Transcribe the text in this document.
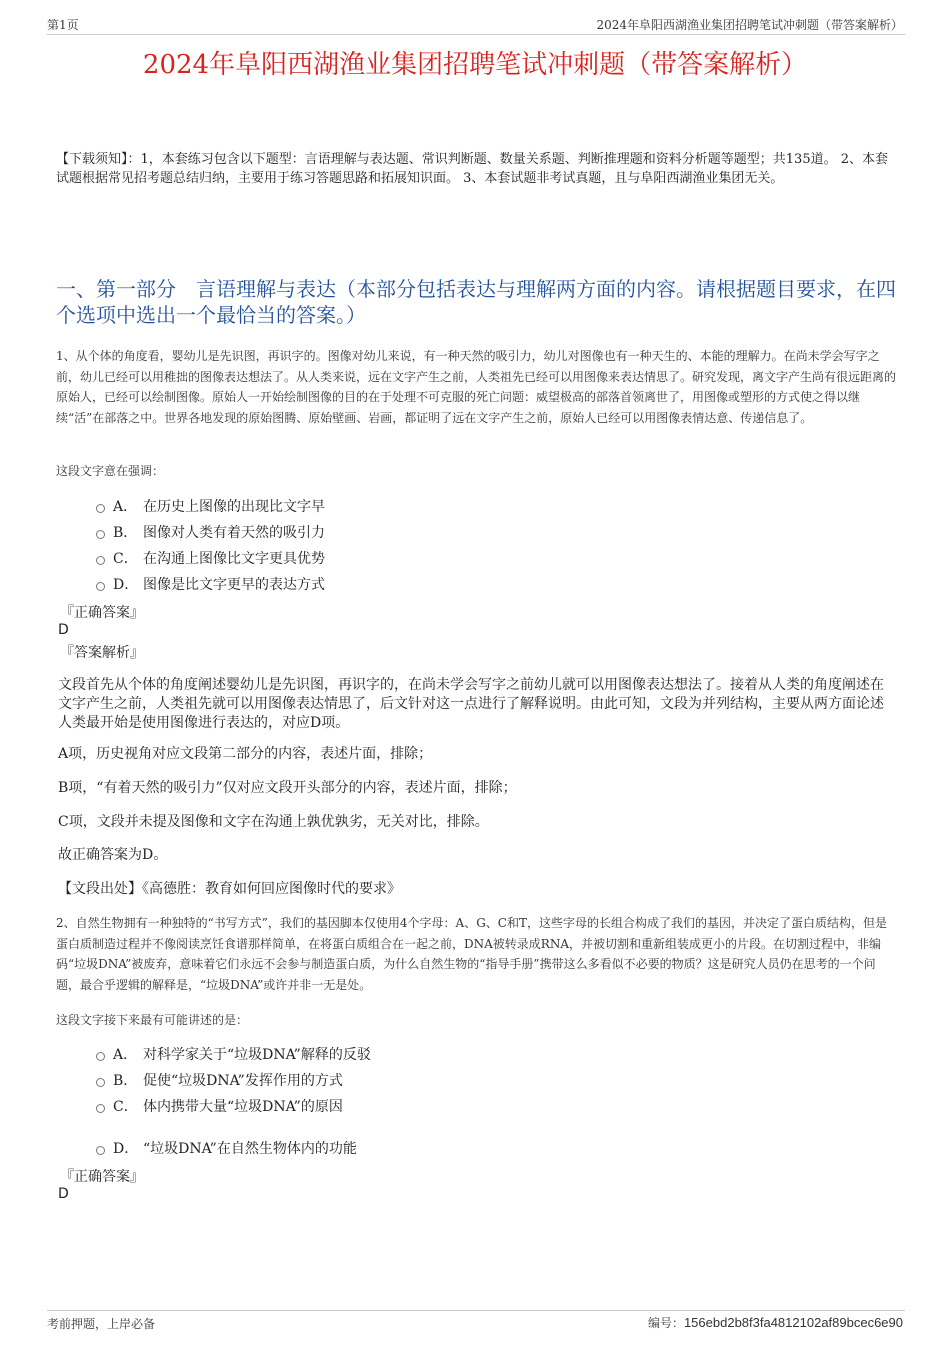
第1页	2024年阜阳西湖渔业集团招聘笔试冲刺题（带答案解析）
2024年阜阳西湖渔业集团招聘笔试冲刺题（带答案解析）
【下载须知】：1，本套练习包含以下题型：言语理解与表达题、常识判断题、数量关系题、判断推理题和资料分析题等题型；共135道。 2、本套试题根据常见招考题总结归纳，主要用于练习答题思路和拓展知识面。 3、本套试题非考试真题，且与阜阳西湖渔业集团无关。
一、第一部分　言语理解与表达（本部分包括表达与理解两方面的内容。请根据题目要求，在四个选项中选出一个最恰当的答案。）
1、从个体的角度看，婴幼儿是先识图，再识字的。图像对幼儿来说，有一种天然的吸引力，幼儿对图像也有一种天生的、本能的理解力。在尚未学会写字之前，幼儿已经可以用稚拙的图像表达想法了。从人类来说，远在文字产生之前，人类祖先已经可以用图像来表达情思了。研究发现，离文字产生尚有很远距离的原始人，已经可以绘制图像。原始人一开始绘制图像的目的在于处理不可克服的死亡问题：威望极高的部落首领离世了，用图像或塑形的方式使之得以继续“活”在部落之中。世界各地发现的原始图腾、原始壁画、岩画，都证明了远在文字产生之前，原始人已经可以用图像表情达意、传递信息了。
这段文字意在强调：
A． 在历史上图像的出现比文字早
B． 图像对人类有着天然的吸引力
C． 在沟通上图像比文字更具优势
D． 图像是比文字更早的表达方式
『正确答案』
D
『答案解析』
文段首先从个体的角度阐述婴幼儿是先识图，再识字的，在尚未学会写字之前幼儿就可以用图像表达想法了。接着从人类的角度阐述在文字产生之前，人类祖先就可以用图像表达情思了，后文针对这一点进行了解释说明。由此可知，文段为并列结构，主要从两方面论述人类最开始是使用图像进行表达的，对应D项。
A项，历史视角对应文段第二部分的内容，表述片面，排除；
B项，“有着天然的吸引力”仅对应文段开头部分的内容，表述片面，排除；
C项，文段并未提及图像和文字在沟通上孰优孰劣，无关对比，排除。
故正确答案为D。
【文段出处】《高德胜：教育如何回应图像时代的要求》
2、自然生物拥有一种独特的“书写方式”，我们的基因脚本仅使用4个字母：A、G、C和T，这些字母的长组合构成了我们的基因，并决定了蛋白质结构，但是蛋白质制造过程并不像阅读烹饪食谱那样简单，在将蛋白质组合在一起之前，DNA被转录成RNA，并被切割和重新组装成更小的片段。在切割过程中，非编码“垃圾DNA”被废弃，意味着它们永远不会参与制造蛋白质，为什么自然生物的“指导手册”携带这么多看似不必要的物质？这是研究人员仍在思考的一个问题，最合乎逻辑的解释是，“垃圾DNA”或许并非一无是处。
这段文字接下来最有可能讲述的是：
A． 对科学家关于“垃圾DNA”解释的反驳
B． 促使“垃圾DNA”发挥作用的方式
C． 体内携带大量“垃圾DNA”的原因
D． “垃圾DNA”在自然生物体内的功能
『正确答案』
D
考前押题，上岸必备	编号：156ebd2b8f3fa4812102af89bcec6e90
